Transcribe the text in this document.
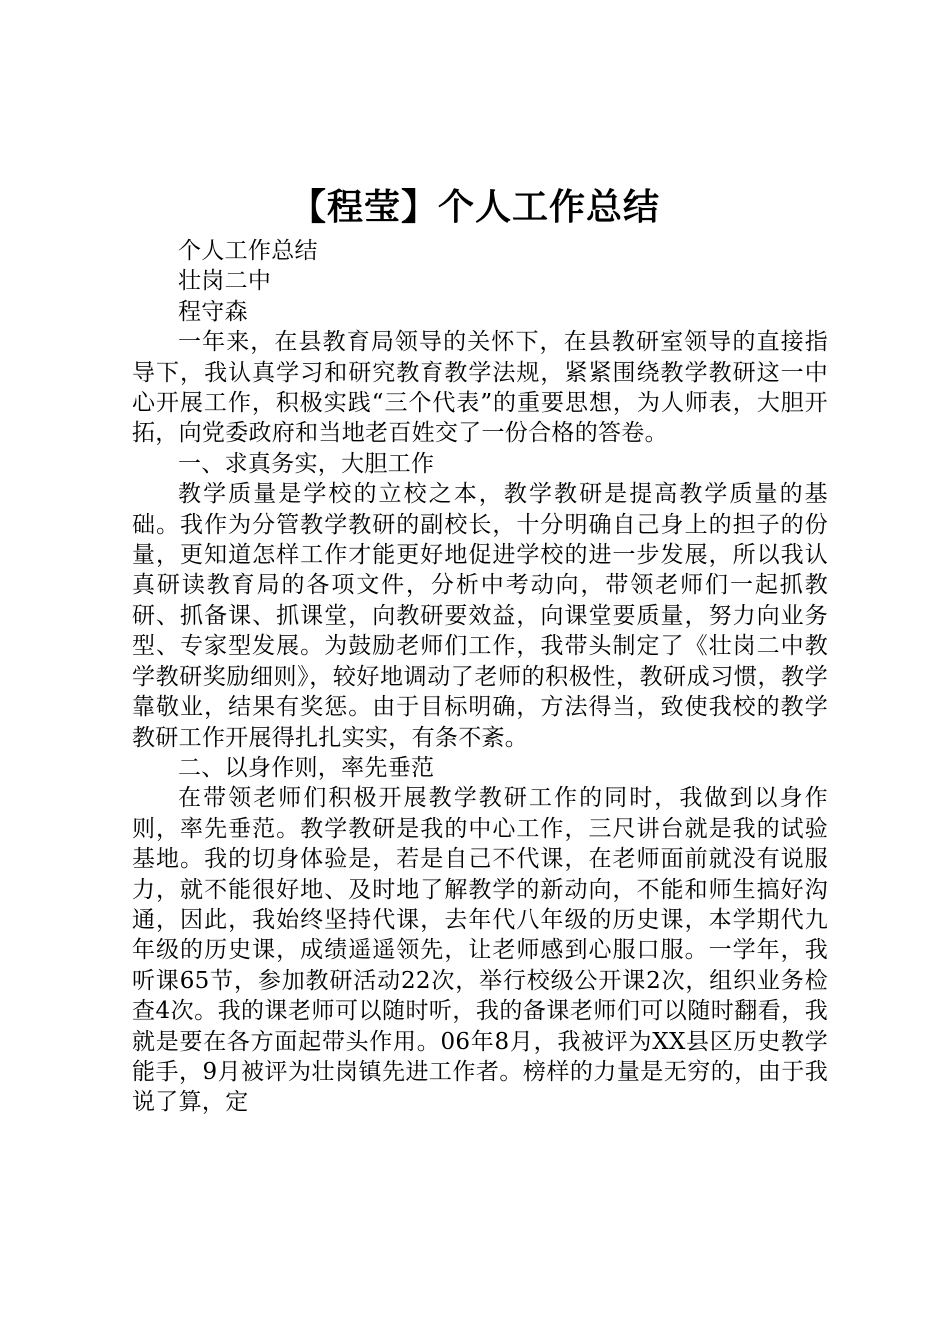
【程莹】个人工作总结

个人工作总结

壮岗二中

程守森

一年来，在县教育局领导的关怀下，在县教研室领导的直接指导下，我认真学习和研究教育教学法规，紧紧围绕教学教研这一中心开展工作，积极实践“三个代表”的重要思想，为人师表，大胆开拓，向党委政府和当地老百姓交了一份合格的答卷。

一、求真务实，大胆工作

教学质量是学校的立校之本，教学教研是提高教学质量的基础。我作为分管教学教研的副校长，十分明确自己身上的担子的份量，更知道怎样工作才能更好地促进学校的进一步发展，所以我认真研读教育局的各项文件，分析中考动向，带领老师们一起抓教研、抓备课、抓课堂，向教研要效益，向课堂要质量，努力向业务型、专家型发展。为鼓励老师们工作，我带头制定了《壮岗二中教学教研奖励细则》，较好地调动了老师的积极性，教研成习惯，教学靠敬业，结果有奖惩。由于目标明确，方法得当，致使我校的教学教研工作开展得扎扎实实，有条不紊。

二、以身作则，率先垂范

在带领老师们积极开展教学教研工作的同时，我做到以身作则，率先垂范。教学教研是我的中心工作，三尺讲台就是我的试验基地。我的切身体验是，若是自己不代课，在老师面前就没有说服力，就不能很好地、及时地了解教学的新动向，不能和师生搞好沟通，因此，我始终坚持代课，去年代八年级的历史课，本学期代九年级的历史课，成绩遥遥领先，让老师感到心服口服。一学年，我听课65节，参加教研活动22次，举行校级公开课2次，组织业务检查4次。我的课老师可以随时听，我的备课老师们可以随时翻看，我就是要在各方面起带头作用。06年8月，我被评为XX县区历史教学能手，9月被评为壮岗镇先进工作者。榜样的力量是无穷的，由于我说了算，定
